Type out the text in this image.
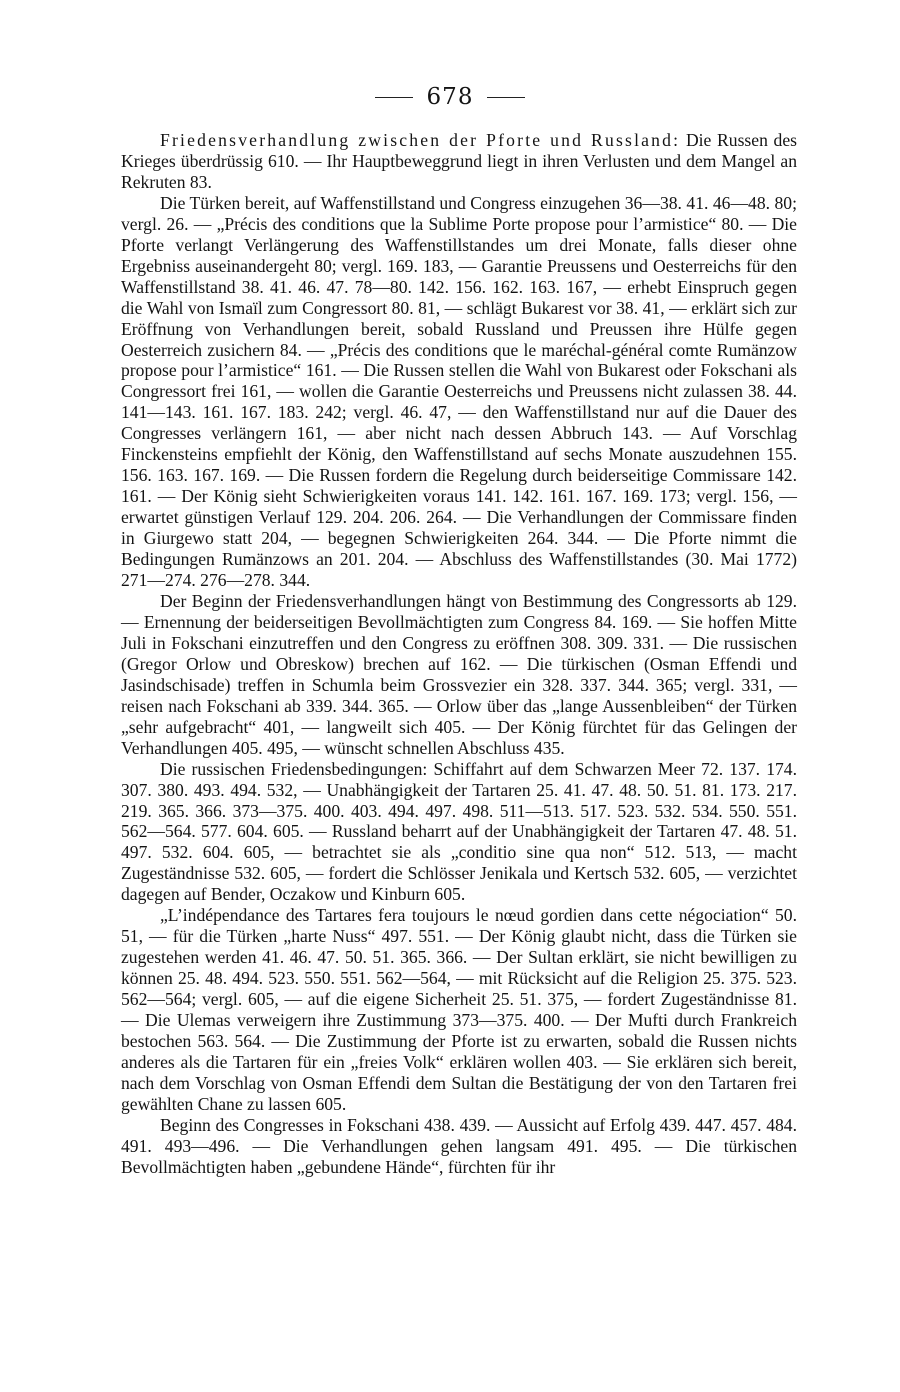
678

Friedensverhandlung zwischen der Pforte und Russland: Die Russen des Krieges überdrüssig 610. — Ihr Hauptbeweggrund liegt in ihren Verlusten und dem Mangel an Rekruten 83.

Die Türken bereit, auf Waffenstillstand und Congress einzugehen 36—38. 41. 46—48. 80; vergl. 26. — „Précis des conditions que la Sublime Porte propose pour l’armistice“ 80. — Die Pforte verlangt Verlängerung des Waffenstillstandes um drei Monate, falls dieser ohne Ergebniss auseinandergeht 80; vergl. 169. 183, — Garantie Preussens und Oesterreichs für den Waffenstillstand 38. 41. 46. 47. 78—80. 142. 156. 162. 163. 167, — erhebt Einspruch gegen die Wahl von Ismaïl zum Congressort 80. 81, — schlägt Bukarest vor 38. 41, — erklärt sich zur Eröffnung von Verhandlungen bereit, sobald Russland und Preussen ihre Hülfe gegen Oesterreich zusichern 84. — „Précis des conditions que le maréchal-général comte Rumänzow propose pour l’armistice“ 161. — Die Russen stellen die Wahl von Bukarest oder Fokschani als Congressort frei 161, — wollen die Garantie Oesterreichs und Preussens nicht zulassen 38. 44. 141—143. 161. 167. 183. 242; vergl. 46. 47, — den Waffenstillstand nur auf die Dauer des Congresses verlängern 161, — aber nicht nach dessen Abbruch 143. — Auf Vorschlag Finckensteins empfiehlt der König, den Waffenstillstand auf sechs Monate auszudehnen 155. 156. 163. 167. 169. — Die Russen fordern die Regelung durch beiderseitige Commissare 142. 161. — Der König sieht Schwierigkeiten voraus 141. 142. 161. 167. 169. 173; vergl. 156, — erwartet günstigen Verlauf 129. 204. 206. 264. — Die Verhandlungen der Commissare finden in Giurgewo statt 204, — begegnen Schwierigkeiten 264. 344. — Die Pforte nimmt die Bedingungen Rumänzows an 201. 204. — Abschluss des Waffenstillstandes (30. Mai 1772) 271—274. 276—278. 344.

Der Beginn der Friedensverhandlungen hängt von Bestimmung des Congressorts ab 129. — Ernennung der beiderseitigen Bevollmächtigten zum Congress 84. 169. — Sie hoffen Mitte Juli in Fokschani einzutreffen und den Congress zu eröffnen 308. 309. 331. — Die russischen (Gregor Orlow und Obreskow) brechen auf 162. — Die türkischen (Osman Effendi und Jasindschisade) treffen in Schumla beim Grossvezier ein 328. 337. 344. 365; vergl. 331, — reisen nach Fokschani ab 339. 344. 365. — Orlow über das „lange Aussenbleiben“ der Türken „sehr aufgebracht“ 401, — langweilt sich 405. — Der König fürchtet für das Gelingen der Verhandlungen 405. 495, — wünscht schnellen Abschluss 435.

Die russischen Friedensbedingungen: Schiffahrt auf dem Schwarzen Meer 72. 137. 174. 307. 380. 493. 494. 532, — Unabhängigkeit der Tartaren 25. 41. 47. 48. 50. 51. 81. 173. 217. 219. 365. 366. 373—375. 400. 403. 494. 497. 498. 511—513. 517. 523. 532. 534. 550. 551. 562—564. 577. 604. 605. — Russland beharrt auf der Unabhängigkeit der Tartaren 47. 48. 51. 497. 532. 604. 605, — betrachtet sie als „conditio sine qua non“ 512. 513, — macht Zugeständnisse 532. 605, — fordert die Schlösser Jenikala und Kertsch 532. 605, — verzichtet dagegen auf Bender, Oczakow und Kinburn 605.

„L’indépendance des Tartares fera toujours le nœud gordien dans cette négociation“ 50. 51, — für die Türken „harte Nuss“ 497. 551. — Der König glaubt nicht, dass die Türken sie zugestehen werden 41. 46. 47. 50. 51. 365. 366. — Der Sultan erklärt, sie nicht bewilligen zu können 25. 48. 494. 523. 550. 551. 562—564, — mit Rücksicht auf die Religion 25. 375. 523. 562—564; vergl. 605, — auf die eigene Sicherheit 25. 51. 375, — fordert Zugeständnisse 81. — Die Ulemas verweigern ihre Zustimmung 373—375. 400. — Der Mufti durch Frankreich bestochen 563. 564. — Die Zustimmung der Pforte ist zu erwarten, sobald die Russen nichts anderes als die Tartaren für ein „freies Volk“ erklären wollen 403. — Sie erklären sich bereit, nach dem Vorschlag von Osman Effendi dem Sultan die Bestätigung der von den Tartaren frei gewählten Chane zu lassen 605.

Beginn des Congresses in Fokschani 438. 439. — Aussicht auf Erfolg 439. 447. 457. 484. 491. 493—496. — Die Verhandlungen gehen langsam 491. 495. — Die türkischen Bevollmächtigten haben „gebundene Hände“, fürchten für ihr
